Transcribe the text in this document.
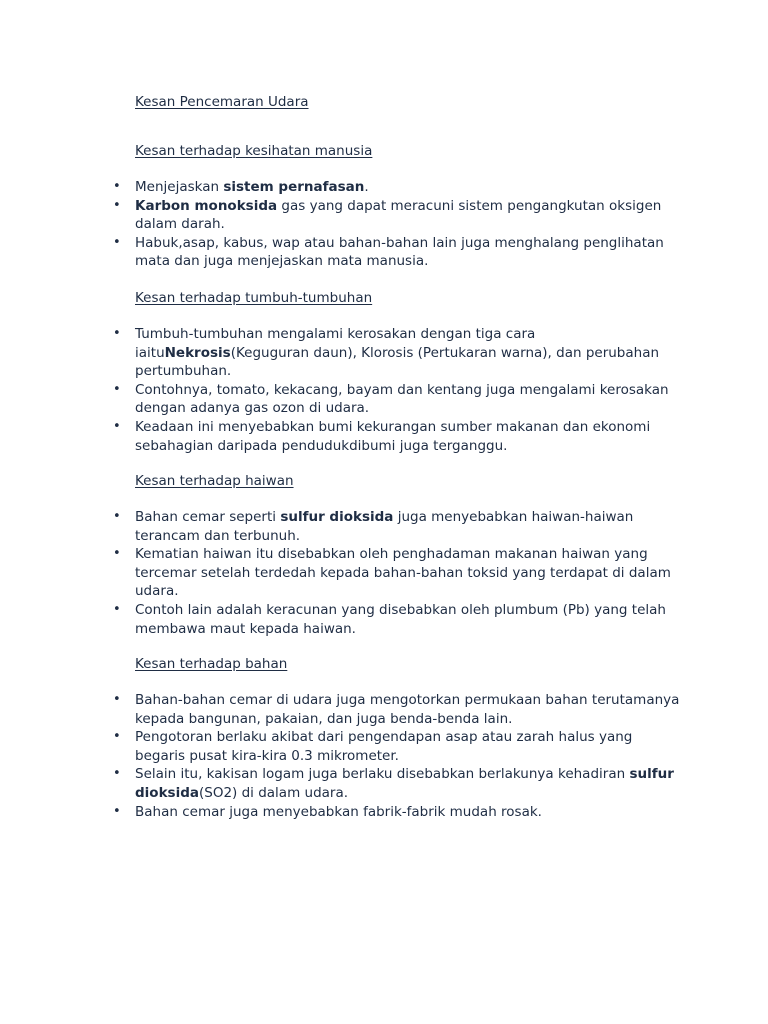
Kesan Pencemaran Udara
Kesan terhadap kesihatan manusia
• Menjejaskan sistem pernafasan.
• Karbon monoksida gas yang dapat meracuni sistem pengangkutan oksigen dalam darah.
• Habuk,asap, kabus, wap atau bahan-bahan lain juga menghalang penglihatan mata dan juga menjejaskan mata manusia.
Kesan terhadap tumbuh-tumbuhan
• Tumbuh-tumbuhan mengalami kerosakan dengan tiga cara iaituNekrosis(Keguguran daun), Klorosis (Pertukaran warna), dan perubahan pertumbuhan.
• Contohnya, tomato, kekacang, bayam dan kentang juga mengalami kerosakan dengan adanya gas ozon di udara.
• Keadaan ini menyebabkan bumi kekurangan sumber makanan dan ekonomi sebahagian daripada pendudukdibumi juga terganggu.
Kesan terhadap haiwan
• Bahan cemar seperti sulfur dioksida juga menyebabkan haiwan-haiwan terancam dan terbunuh.
• Kematian haiwan itu disebabkan oleh penghadaman makanan haiwan yang tercemar setelah terdedah kepada bahan-bahan toksid yang terdapat di dalam udara.
• Contoh lain adalah keracunan yang disebabkan oleh plumbum (Pb) yang telah membawa maut kepada haiwan.
Kesan terhadap bahan
• Bahan-bahan cemar di udara juga mengotorkan permukaan bahan terutamanya kepada bangunan, pakaian, dan juga benda-benda lain.
• Pengotoran berlaku akibat dari pengendapan asap atau zarah halus yang begaris pusat kira-kira 0.3 mikrometer.
• Selain itu, kakisan logam juga berlaku disebabkan berlakunya kehadiran sulfur dioksida(SO2) di dalam udara.
• Bahan cemar juga menyebabkan fabrik-fabrik mudah rosak.
